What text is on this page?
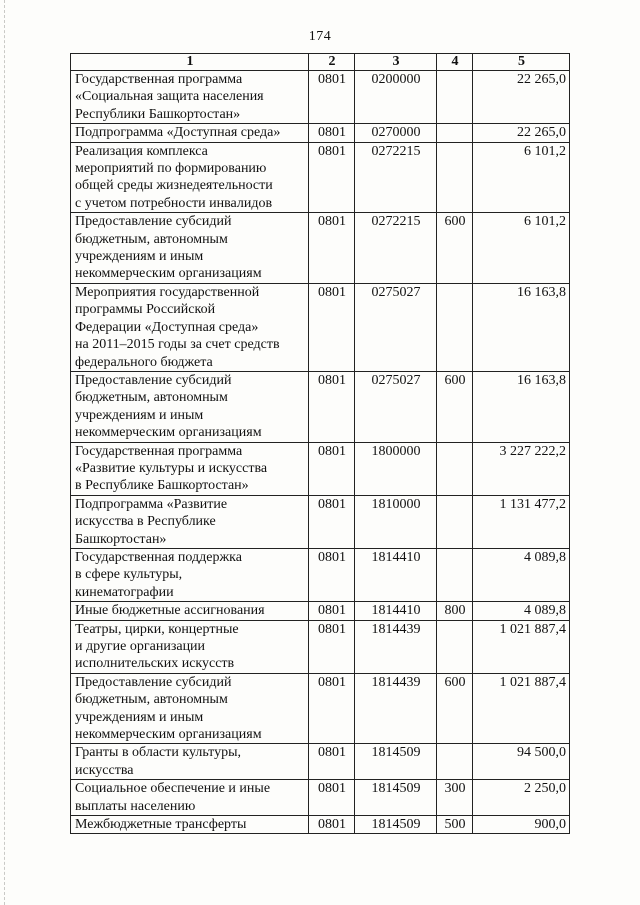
174
1	2	3	4	5

Государственная программа
«Социальная защита населения
Республики Башкортостан»	0801	0200000		22 265,0

Подпрограмма «Доступная среда»	0801	0270000		22 265,0

Реализация комплекса
мероприятий по формированию
общей среды жизнедеятельности
с учетом потребности инвалидов	0801	0272215		6 101,2

Предоставление субсидий
бюджетным, автономным
учреждениям и иным
некоммерческим организациям	0801	0272215	600	6 101,2

Мероприятия государственной
программы Российской
Федерации «Доступная среда»
на 2011–2015 годы за счет средств
федерального бюджета	0801	0275027		16 163,8

Предоставление субсидий
бюджетным, автономным
учреждениям и иным
некоммерческим организациям	0801	0275027	600	16 163,8

Государственная программа
«Развитие культуры и искусства
в Республике Башкортостан»	0801	1800000		3 227 222,2

Подпрограмма «Развитие
искусства в Республике
Башкортостан»	0801	1810000		1 131 477,2

Государственная поддержка
в сфере культуры,
кинематографии	0801	1814410		4 089,8

Иные бюджетные ассигнования	0801	1814410	800	4 089,8

Театры, цирки, концертные
и другие организации
исполнительских искусств	0801	1814439		1 021 887,4

Предоставление субсидий
бюджетным, автономным
учреждениям и иным
некоммерческим организациям	0801	1814439	600	1 021 887,4

Гранты в области культуры,
искусства	0801	1814509		94 500,0

Социальное обеспечение и иные
выплаты населению	0801	1814509	300	2 250,0

Межбюджетные трансферты	0801	1814509	500	900,0
